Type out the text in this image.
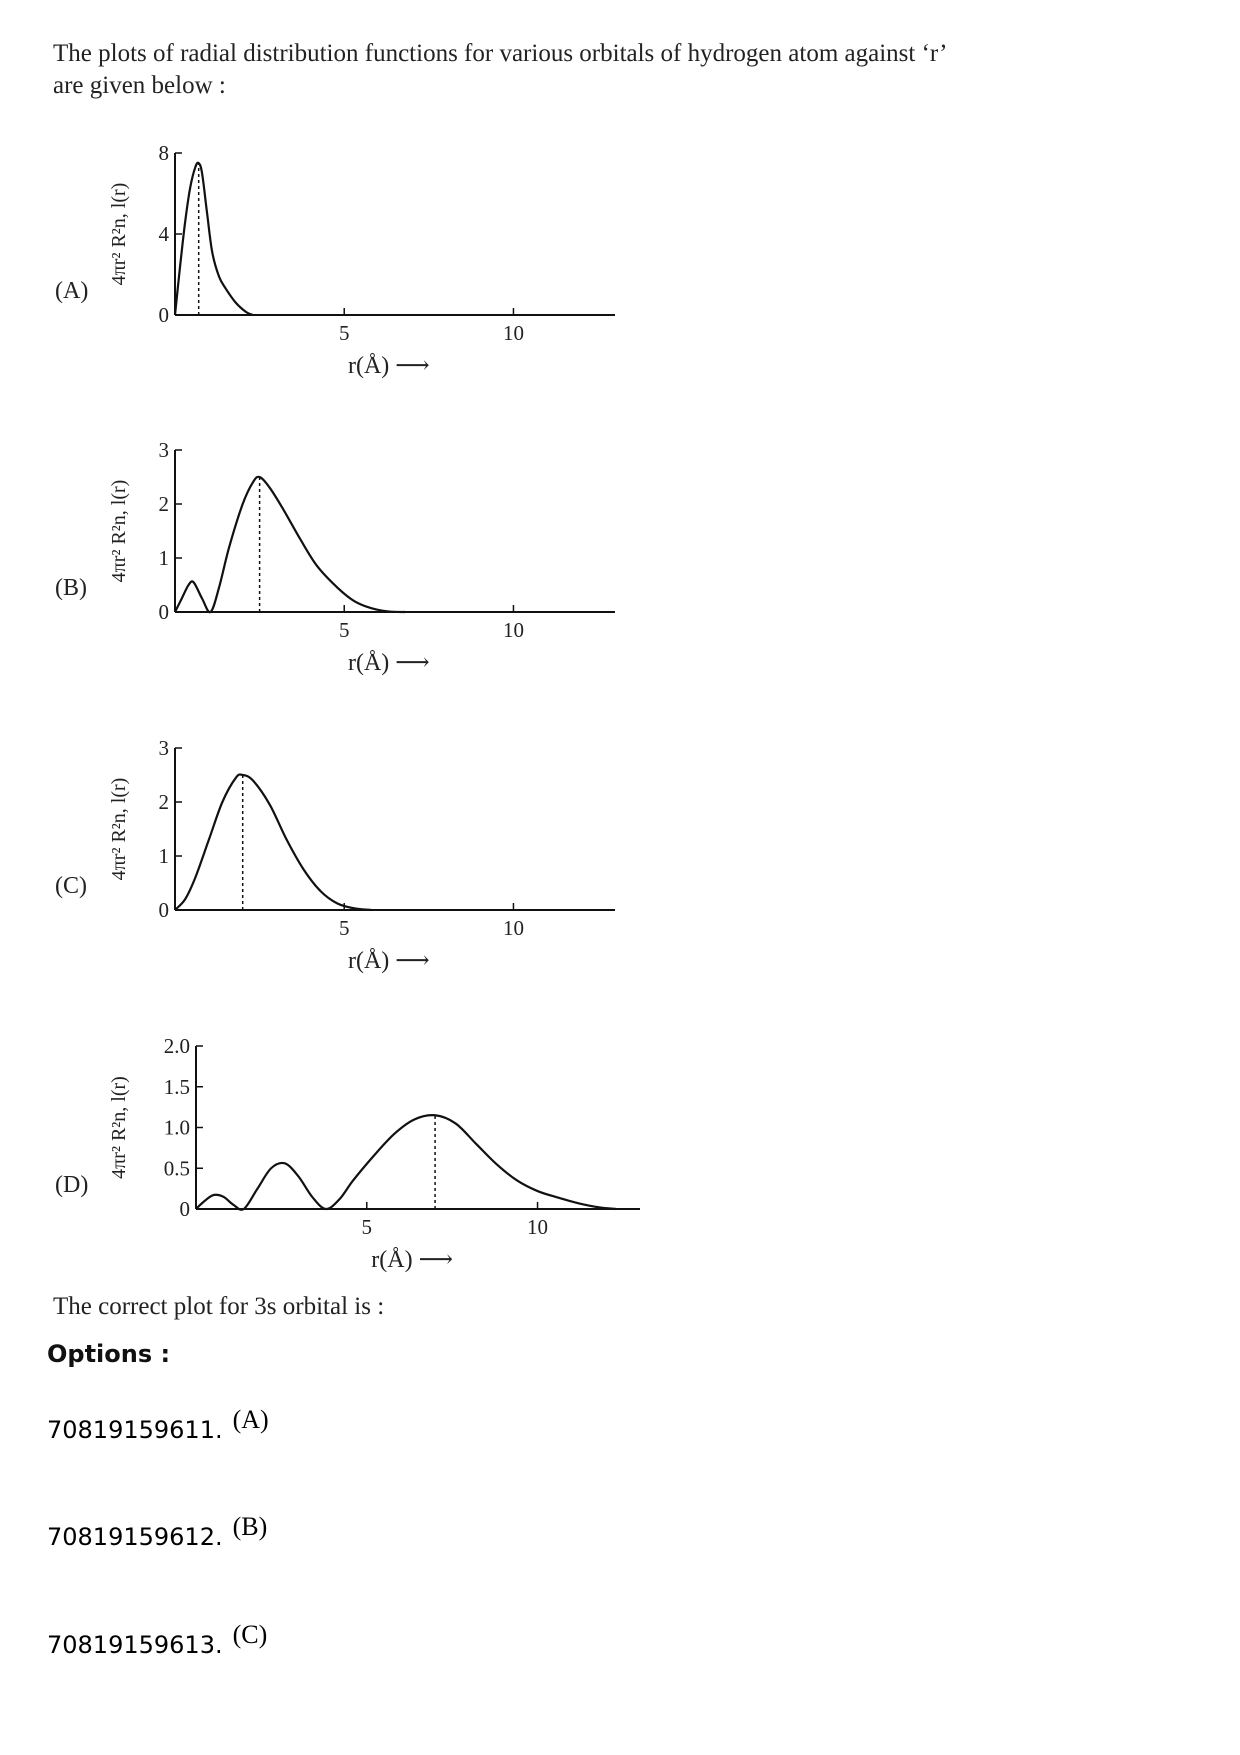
The plots of radial distribution functions for various orbitals of hydrogen atom against ‘r’ are given below :
0
4
8
5	10
r(Å) ⟶
4πr² R²n, l(r)
(A)
0
1
2
3
5	10
r(Å) ⟶
4πr² R²n, l(r)
(B)
0
1
2
3
5	10
r(Å) ⟶
4πr² R²n, l(r)
(C)
0
0.5
1.0
1.5
2.0
5	10
r(Å) ⟶
4πr² R²n, l(r)
(D)
The correct plot for 3s orbital is :
Options :
70819159611. (A)
70819159612. (B)
70819159613. (C)
